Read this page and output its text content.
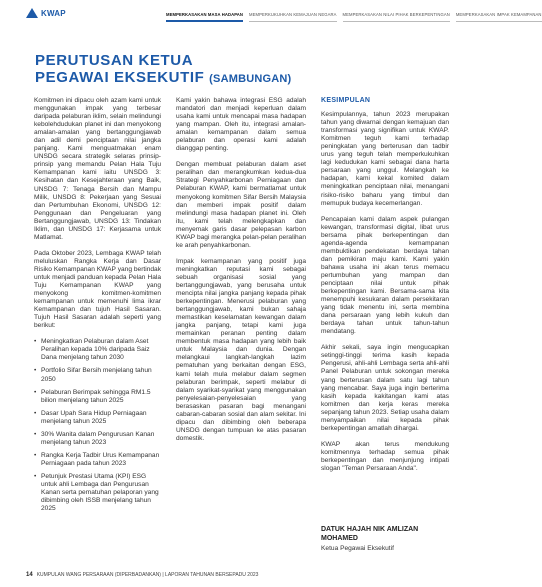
KWAP	MEMPERKASAKAN MASA HADAPAN MEMPERKUKUHKAN KEMAJUAN NEGARA MEMPERKASAKAN NILAI PIHAK BERKEPENTINGAN MEMPERKASAKAN IMPAK KEMAMPANAN
PERUTUSAN KETUA
PEGAWAI EKSEKUTIF (SAMBUNGAN)

Komitmen ini dipacu oleh azam kami untuk menggunakan impak yang terbesar daripada pelaburan iklim, selain melindungi kebolehdudukan planet ini dan menyokong amalan-amalan yang bertanggungjawab dan adil demi penciptaan nilai jangka panjang. Kami menguatmakan enam UNSDG secara strategik selaras prinsip-prinsip yang memandu Pelan Hala Tuju Kemampanan kami iaitu UNSDG 3: Kesihatan dan Kesejahteraan yang Baik, UNSDG 7: Tenaga Bersih dan Mampu Milik, UNSDG 8: Pekerjaan yang Sesuai dan Pertumbuhan Ekonomi, UNSDG 12: Penggunaan dan Pengeluaran yang Bertanggungjawab, UNSDG 13: Tindakan Iklim, dan UNSDG 17: Kerjasama untuk Matlamat.

Pada Oktober 2023, Lembaga KWAP telah meluluskan Rangka Kerja dan Dasar Risiko Kemampanan KWAP yang bertindak untuk menjadi panduan kepada Pelan Hala Tuju Kemampanan KWAP yang menyokong komitmen-komitmen kemampanan untuk memenuhi lima ikrar Kemampanan dan tujuh Hasil Sasaran. Tujuh Hasil Sasaran adalah seperti yang berikut:

• Meningkatkan Pelaburan dalam Aset Peralihan kepada 10% daripada Saiz Dana menjelang tahun 2030
• Portfolio Sifar Bersih menjelang tahun 2050
• Pelaburan Berimpak sehingga RM1.5 bilion menjelang tahun 2025
• Dasar Upah Sara Hidup Perniagaan menjelang tahun 2025
• 30% Wanita dalam Pengurusan Kanan menjelang tahun 2023
• Rangka Kerja Tadbir Urus Kemampanan Perniagaan pada tahun 2023
• Petunjuk Prestasi Utama (KPI) ESG untuk ahli Lembaga dan Pengurusan Kanan serta pematuhan pelaporan yang dibimbing oleh ISSB menjelang tahun 2025

Kami yakin bahawa integrasi ESG adalah mandatori dan menjadi keperluan dalam usaha kami untuk mencapai masa hadapan yang mampan. Oleh itu, integrasi amalan-amalan kemampanan dalam semua pelaburan dan operasi kami adalah dianggap penting.

Dengan membuat pelaburan dalam aset peralihan dan merangkumkan kedua-dua Strategi Penyahkarbonan Perniagaan dan Pelaburan KWAP, kami bermatlamat untuk menyokong komitmen Sifar Bersih Malaysia dan memberi impak positif dalam melindungi masa hadapan planet ini. Oleh itu, kami telah melengkapkan dan menyemak garis dasar pelepasan karbon KWAP bagi merangka pelan-pelan peralihan ke arah penyahkarbonan.

Impak kemampanan yang positif juga meningkatkan reputasi kami sebagai sebuah organisasi sosial yang bertanggungjawab, yang berusaha untuk mencipta nilai jangka panjang kepada pihak berkepentingan. Menerusi pelaburan yang bertanggungjawab, kami bukan sahaja memastikan keselamatan kewangan dalam jangka panjang, tetapi kami juga memainkan peranan penting dalam membentuk masa hadapan yang lebih baik untuk Malaysia dan dunia. Dengan melangkaui langkah-langkah lazim pematuhan yang berkaitan dengan ESG, kami telah mula melabur dalam segmen pelaburan berimpak, seperti melabur di dalam syarikat-syarikat yang menggunakan penyelesaian-penyelesaian yang berasaskan pasaran bagi menangani cabaran-cabaran sosial dan alam sekitar. Ini dipacu dan dibimbing oleh beberapa UNSDG dengan tumpuan ke atas pasaran domestik.

KESIMPULAN

Kesimpulannya, tahun 2023 merupakan tahun yang diwarnai dengan kemajuan dan transformasi yang signifikan untuk KWAP. Komitmen teguh kami terhadap peningkatan yang berterusan dan tadbir urus yang teguh telah memperkukuhkan lagi kedudukan kami sebagai dana harta persaraan yang unggul. Melangkah ke hadapan, kami kekal komited dalam meningkatkan penciptaan nilai, menangani risiko-risiko baharu yang timbul dan memupuk budaya kecemerlangan.

Pencapaian kami dalam aspek pulangan kewangan, transformasi digital, libat urus bersama pihak berkepentingan dan agenda-agenda kemampanan membuktikan pendekatan berdaya tahan dan pemikiran maju kami. Kami yakin bahawa usaha ini akan terus memacu pertumbuhan yang mampan dan penciptaan nilai untuk pihak berkepentingan kami. Bersama-sama kita menempuhi kesukaran dalam persekitaran yang tidak menentu ini, serta membina dana persaraan yang lebih kukuh dan berdaya tahan untuk tahun-tahun mendatang.

Akhir sekali, saya ingin mengucapkan setinggi-tinggi terima kasih kepada Pengerusi, ahli-ahli Lembaga serta ahli-ahli Panel Pelaburan untuk sokongan mereka yang berterusan dalam satu lagi tahun yang mencabar. Saya juga ingin berterima kasih kepada kakitangan kami atas komitmen dan kerja keras mereka sepanjang tahun 2023. Setiap usaha dalam menyampaikan nilai kepada pihak berkepentingan amatlah dihargai.

KWAP akan terus mendukung komitmennya terhadap semua pihak berkepentingan dan menjunjung intipati slogan "Teman Persaraan Anda".

DATUK HAJAH NIK AMLIZAN MOHAMED
Ketua Pegawai Eksekutif
14 KUMPULAN WANG PERSARAAN (DIPERBADANKAN) | LAPORAN TAHUNAN BERSEPADU 2023
